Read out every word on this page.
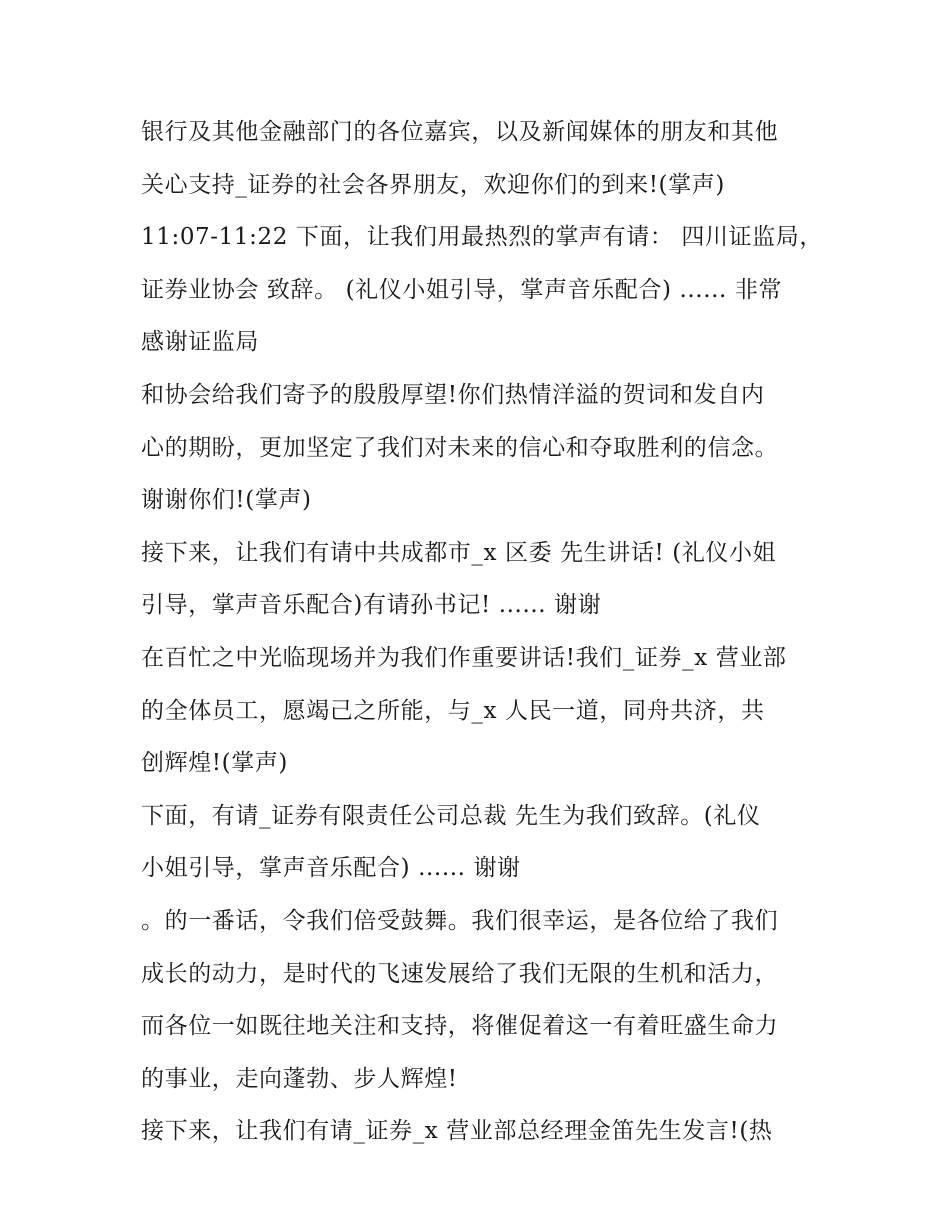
银行及其他金融部门的各位嘉宾，以及新闻媒体的朋友和其他
关心支持_证券的社会各界朋友，欢迎你们的到来!(掌声)
11:07-11:22 下面，让我们用最热烈的掌声有请： 四川证监局，
证券业协会 致辞。 (礼仪小姐引导，掌声音乐配合) ...... 非常
感谢证监局
和协会给我们寄予的殷殷厚望!你们热情洋溢的贺词和发自内
心的期盼，更加坚定了我们对未来的信心和夺取胜利的信念。
谢谢你们!(掌声)
接下来，让我们有请中共成都市_x 区委 先生讲话! (礼仪小姐
引导，掌声音乐配合)有请孙书记! ...... 谢谢
在百忙之中光临现场并为我们作重要讲话!我们_证券_x 营业部
的全体员工，愿竭己之所能，与_x 人民一道，同舟共济，共
创辉煌!(掌声)
下面，有请_证券有限责任公司总裁 先生为我们致辞。(礼仪
小姐引导，掌声音乐配合) ...... 谢谢
。的一番话，令我们倍受鼓舞。我们很幸运，是各位给了我们
成长的动力，是时代的飞速发展给了我们无限的生机和活力，
而各位一如既往地关注和支持，将催促着这一有着旺盛生命力
的事业，走向蓬勃、步人辉煌!
接下来，让我们有请_证券_x 营业部总经理金笛先生发言!(热
